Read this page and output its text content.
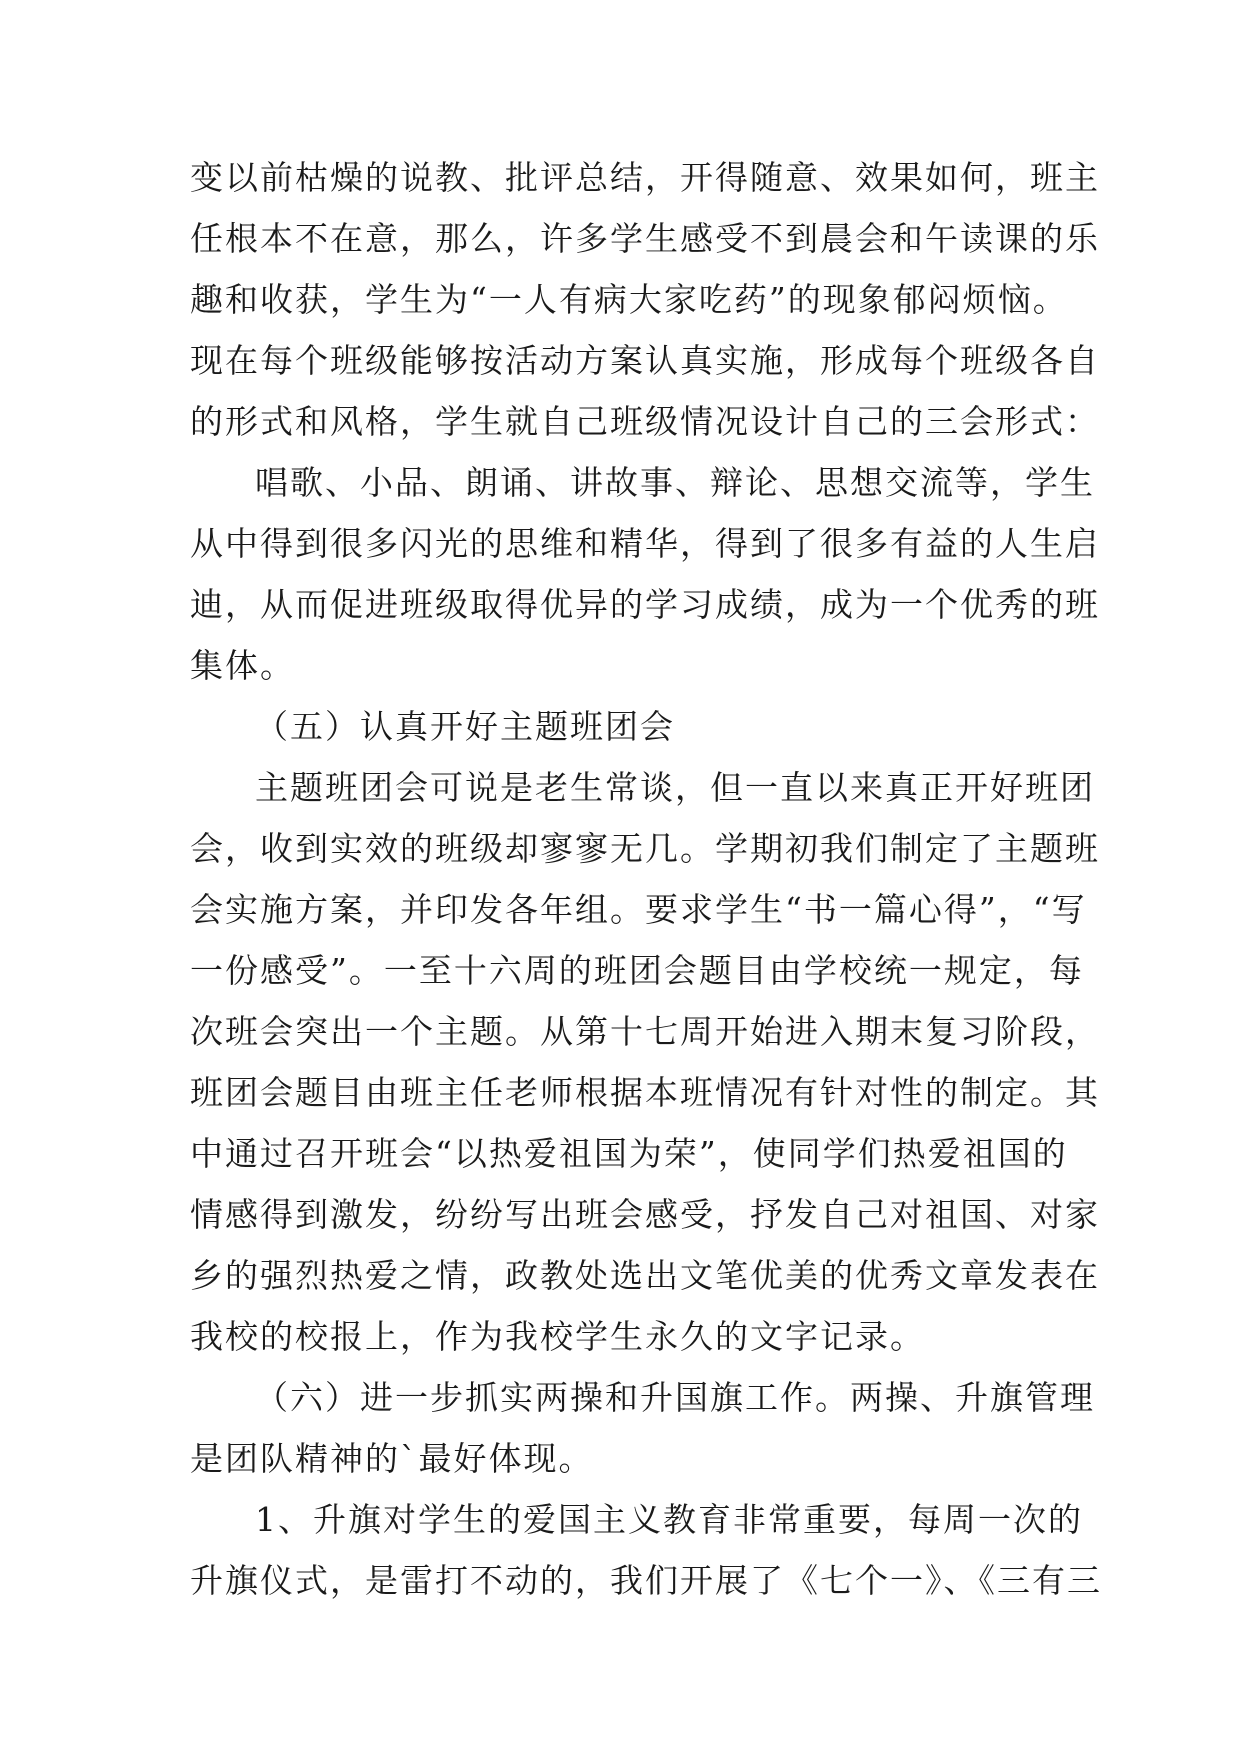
变以前枯燥的说教、批评总结，开得随意、效果如何，班主
任根本不在意，那么，许多学生感受不到晨会和午读课的乐
趣和收获，学生为“一人有病大家吃药”的现象郁闷烦恼。
现在每个班级能够按活动方案认真实施，形成每个班级各自
的形式和风格，学生就自己班级情况设计自己的三会形式：
唱歌、小品、朗诵、讲故事、辩论、思想交流等，学生
从中得到很多闪光的思维和精华，得到了很多有益的人生启
迪，从而促进班级取得优异的学习成绩，成为一个优秀的班
集体。
（五）认真开好主题班团会
主题班团会可说是老生常谈，但一直以来真正开好班团
会，收到实效的班级却寥寥无几。学期初我们制定了主题班
会实施方案，并印发各年组。要求学生“书一篇心得”，“写
一份感受”。一至十六周的班团会题目由学校统一规定，每
次班会突出一个主题。从第十七周开始进入期末复习阶段，
班团会题目由班主任老师根据本班情况有针对性的制定。其
中通过召开班会“以热爱祖国为荣”，使同学们热爱祖国的
情感得到激发，纷纷写出班会感受，抒发自己对祖国、对家
乡的强烈热爱之情，政教处选出文笔优美的优秀文章发表在
我校的校报上，作为我校学生永久的文字记录。
（六）进一步抓实两操和升国旗工作。两操、升旗管理
是团队精神的`最好体现。
1、升旗对学生的爱国主义教育非常重要，每周一次的
升旗仪式，是雷打不动的，我们开展了《七个一》、《三有三
